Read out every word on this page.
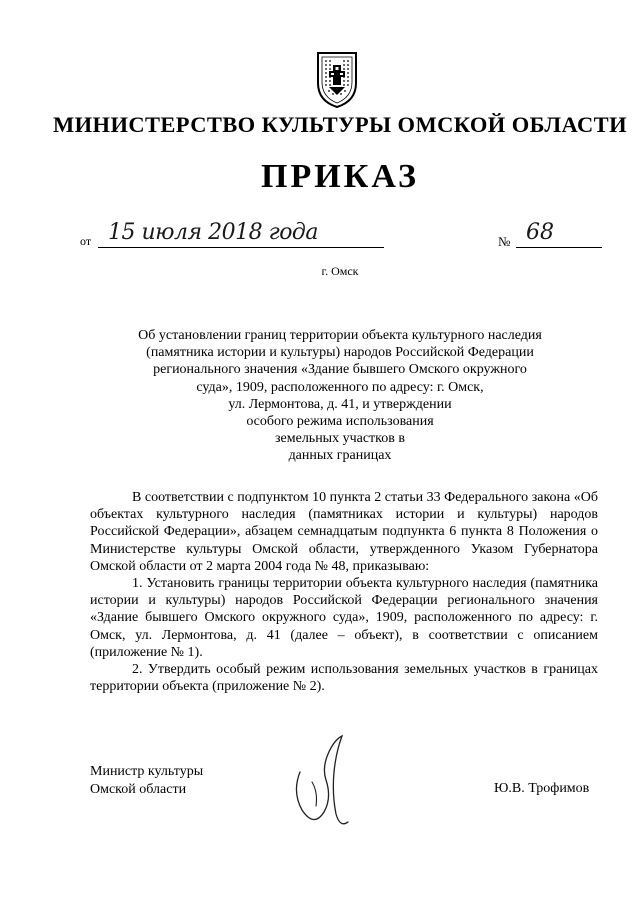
МИНИСТЕРСТВО КУЛЬТУРЫ ОМСКОЙ ОБЛАСТИ
ПРИКАЗ
от 15 июля 2018 года	№ 68
г. Омск
Об установлении границ территории объекта культурного наследия
(памятника истории и культуры) народов Российской Федерации
регионального значения «Здание бывшего Омского окружного
суда», 1909, расположенного по адресу: г. Омск,
ул. Лермонтова, д. 41, и утверждении
особого режима использования
земельных участков в
данных границах

В соответствии с подпунктом 10 пункта 2 статьи 33 Федерального закона «Об объектах культурного наследия (памятниках истории и культуры) народов Российской Федерации», абзацем семнадцатым подпункта 6 пункта 8 Положения о Министерстве культуры Омской области, утвержденного Указом Губернатора Омской области от 2 марта 2004 года № 48, приказываю:

1. Установить границы территории объекта культурного наследия (памятника истории и культуры) народов Российской Федерации регионального значения «Здание бывшего Омского окружного суда», 1909, расположенного по адресу: г. Омск, ул. Лермонтова, д. 41 (далее – объект), в соответствии с описанием (приложение № 1).

2. Утвердить особый режим использования земельных участков в границах территории объекта (приложение № 2).

Министр культуры
Омской области	Ю.В. Трофимов
